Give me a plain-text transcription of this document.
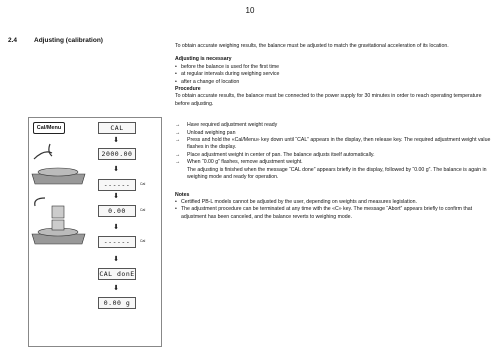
10
2.4	Adjusting (calibration)

To obtain accurate weighing results, the balance must be adjusted to match the gravitational acceleration of its location.

Adjusting is necessary

• before the balance is used for the first time

• at regular intervals during weighing service

• after a change of location

Procedure

To obtain accurate results, the balance must be connected to the power supply for 30 minutes in order to reach operating temperature before adjusting.

→ Have required adjustment weight ready

→ Unload weighing pan

→ Press and hold the «Cal/Menu» key down until “CAL” appears in the display, then release key. The required adjustment weight value flashes in the display.

→ Place adjustment weight in center of pan. The balance adjusts itself automatically.

→ When “0.00 g” flashes, remove adjustment weight.

The adjusting is finished when the message “CAL done” appears briefly in the display, followed by “0.00 g”. The balance is again in weighing mode and ready for operation.

Notes

• Certified PB-L models cannot be adjusted by the user, depending on weights and measures legislation.

• The adjustment procedure can be terminated at any time with the «C» key. The message “Abort” appears briefly to confirm that adjustment has been canceled, and the balance reverts to weighing mode.

Cal/Menu	CAL
2000.00
------	Cal
0.00	Cal
------	Cal
CAL donE
0.00 g
⬇
⬇
⬇
⬇
⬇
⬇
